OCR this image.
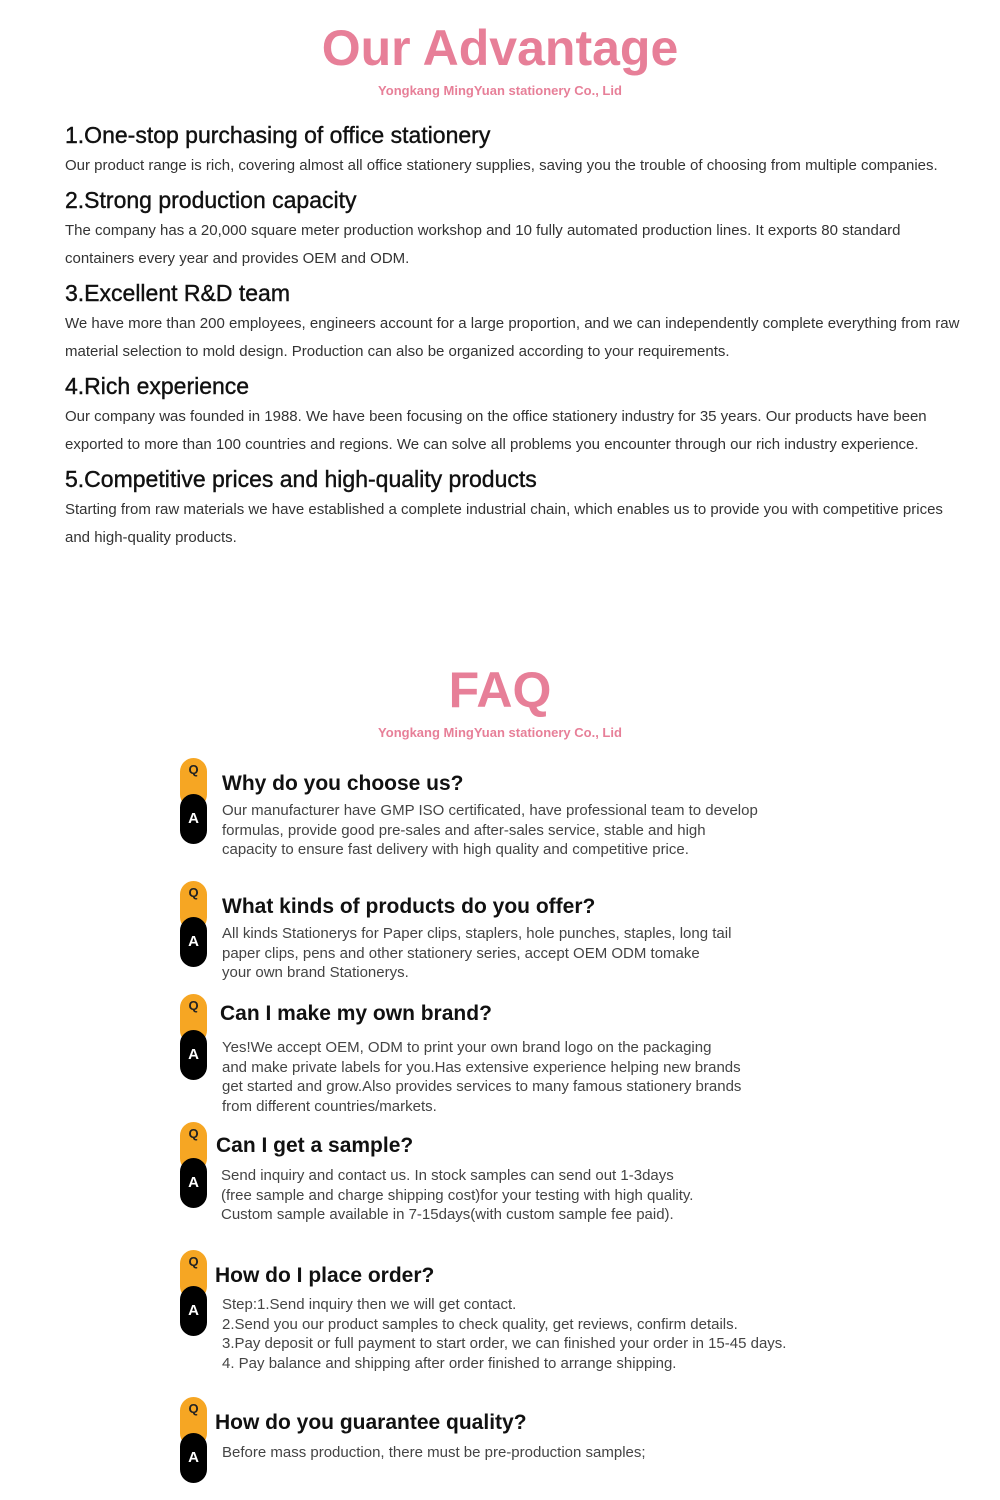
Our Advantage
Yongkang MingYuan stationery Co., Lid
1.One-stop purchasing of office stationery

Our product range is rich, covering almost all office stationery supplies, saving you the trouble of choosing from multiple companies.

2.Strong production capacity

The company has a 20,000 square meter production workshop and 10 fully automated production lines. It exports 80 standard containers every year and provides OEM and ODM.

3.Excellent R&D team

We have more than 200 employees, engineers account for a large proportion, and we can independently complete everything from raw material selection to mold design. Production can also be organized according to your requirements.

4.Rich experience

Our company was founded in 1988. We have been focusing on the office stationery industry for 35 years. Our products have been exported to more than 100 countries and regions. We can solve all problems you encounter through our rich industry experience.

5.Competitive prices and high-quality products

Starting from raw materials we have established a complete industrial chain, which enables us to provide you with competitive prices and high-quality products.

FAQ
Yongkang MingYuan stationery Co., Lid
Q
A
Why do you choose us?
Our manufacturer have GMP ISO certificated, have professional team to develop
formulas, provide good pre-sales and after-sales service, stable and high
capacity to ensure fast delivery with high quality and competitive price.
Q
A
What kinds of products do you offer?
All kinds Stationerys for Paper clips, staplers, hole punches, staples, long tail
paper clips, pens and other stationery series, accept OEM ODM tomake
your own brand Stationerys.
Q
A
Can I make my own brand?
Yes!We accept OEM, ODM to print your own brand logo on the packaging
and make private labels for you.Has extensive experience helping new brands
get started and grow.Also provides services to many famous stationery brands
from different countries/markets.
Q
A
Can I get a sample?
Send inquiry and contact us. In stock samples can send out 1-3days
(free sample and charge shipping cost)for your testing with high quality.
Custom sample available in 7-15days(with custom sample fee paid).
Q
A
How do I place order?
Step:1.Send inquiry then we will get contact.
2.Send you our product samples to check quality, get reviews, confirm details.
3.Pay deposit or full payment to start order, we can finished your order in 15-45 days.
4. Pay balance and shipping after order finished to arrange shipping.
Q
A
How do you guarantee quality?
Before mass production, there must be pre-production samples;
